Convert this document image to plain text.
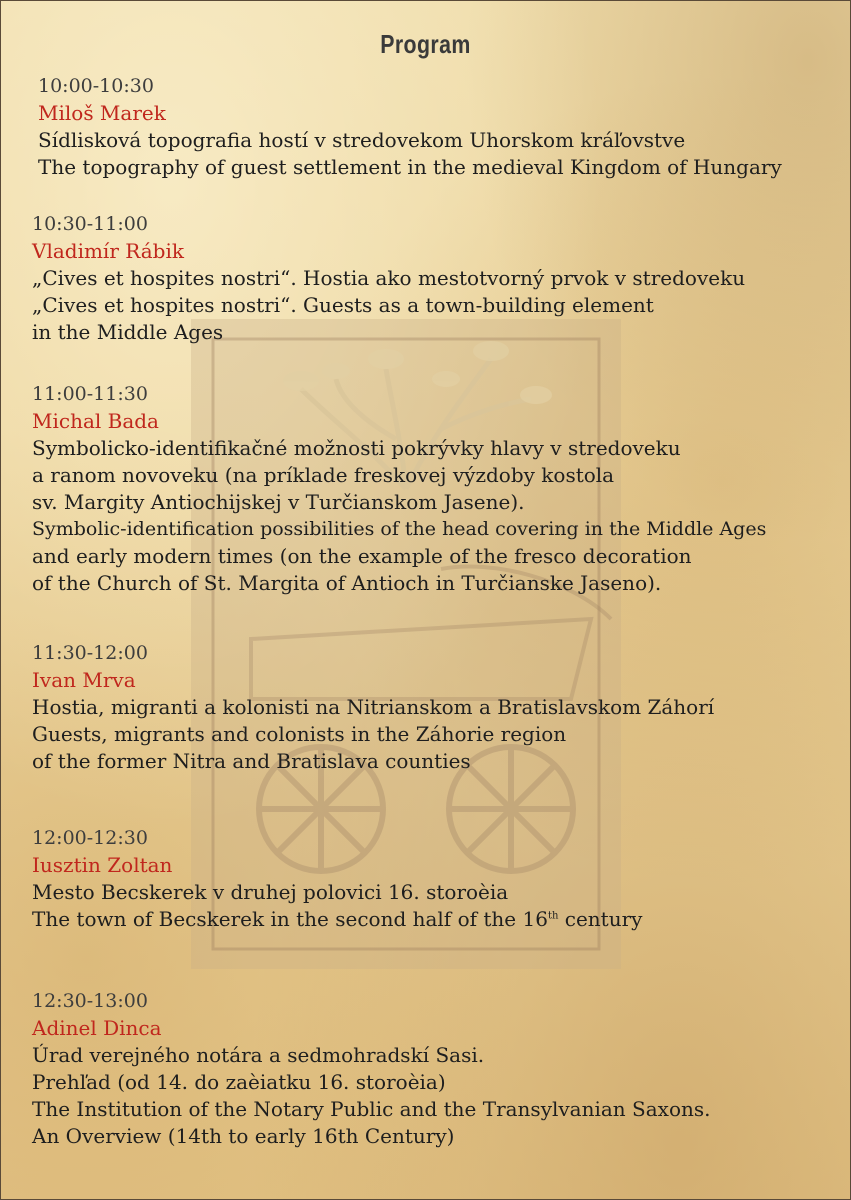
Program
10:00-10:30
Miloš Marek
Sídlisková topografia hostí v stredovekom Uhorskom kráľovstve
The topography of guest settlement in the medieval Kingdom of Hungary
10:30-11:00
Vladimír Rábik
„Cives et hospites nostri“. Hostia ako mestotvorný prvok v stredoveku
„Cives et hospites nostri“. Guests as a town-building element
in the Middle Ages
11:00-11:30
Michal Bada
Symbolicko-identifikačné možnosti pokrývky hlavy v stredoveku
a ranom novoveku (na príklade freskovej výzdoby kostola
sv. Margity Antiochijskej v Turčianskom Jasene).
Symbolic-identification possibilities of the head covering in the Middle Ages
and early modern times (on the example of the fresco decoration
of the Church of St. Margita of Antioch in Turčianske Jaseno).
11:30-12:00
Ivan Mrva
Hostia, migranti a kolonisti na Nitrianskom a Bratislavskom Záhorí
Guests, migrants and colonists in the Záhorie region
of the former Nitra and Bratislava counties
12:00-12:30
Iusztin Zoltan
Mesto Becskerek v druhej polovici 16. storoèia
The town of Becskerek in the second half of the 16th century
12:30-13:00
Adinel Dinca
Úrad verejného notára a sedmohradskí Sasi.
Prehľad (od 14. do zaèiatku 16. storoèia)
The Institution of the Notary Public and the Transylvanian Saxons.
An Overview (14th to early 16th Century)
